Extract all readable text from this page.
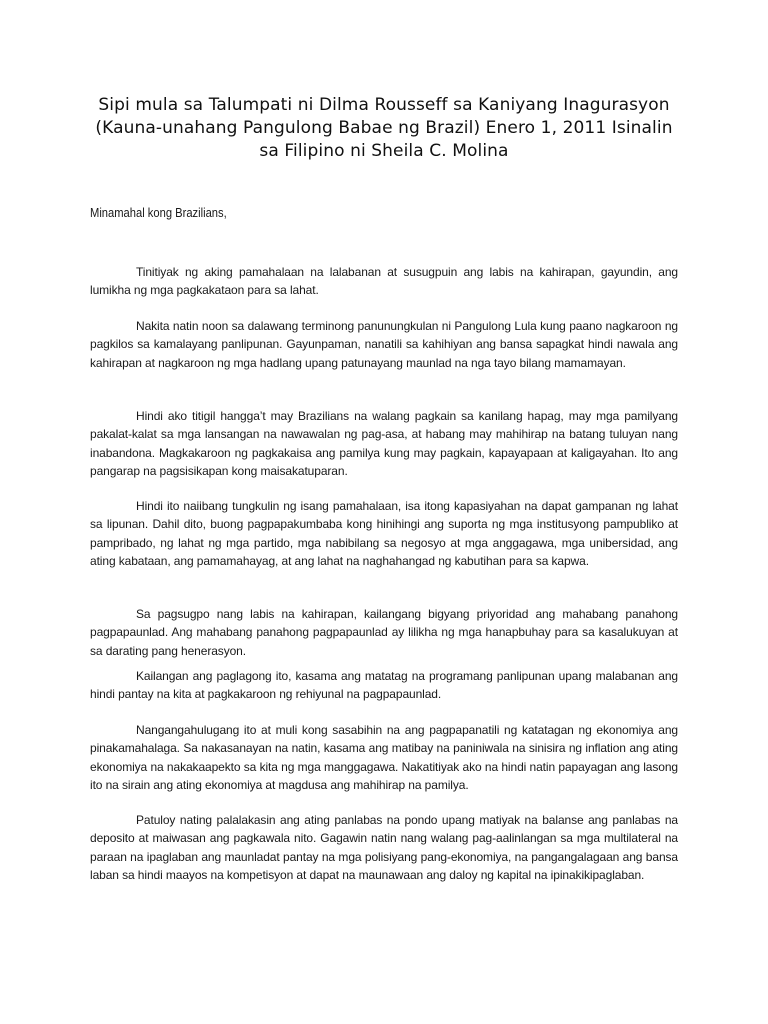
Sipi mula sa Talumpati ni Dilma Rousseff sa Kaniyang Inagurasyon
(Kauna-unahang Pangulong Babae ng Brazil) Enero 1, 2011 Isinalin
sa Filipino ni Sheila C. Molina
Minamahal kong Brazilians,

Tinitiyak ng aking pamahalaan na lalabanan at susugpuin ang labis na kahirapan, gayundin, ang lumikha ng mga pagkakataon para sa lahat.

Nakita natin noon sa dalawang terminong panunungkulan ni Pangulong Lula kung paano nagkaroon ng pagkilos sa kamalayang panlipunan. Gayunpaman, nanatili sa kahihiyan ang bansa sapagkat hindi nawala ang kahirapan at nagkaroon ng mga hadlang upang patunayang maunlad na nga tayo bilang mamamayan.

Hindi ako titigil hangga’t may Brazilians na walang pagkain sa kanilang hapag, may mga pamilyang pakalat-kalat sa mga lansangan na nawawalan ng pag-asa, at habang may mahihirap na batang tuluyan nang inabandona. Magkakaroon ng pagkakaisa ang pamilya kung may pagkain, kapayapaan at kaligayahan. Ito ang pangarap na pagsisikapan kong maisakatuparan.

Hindi ito naiibang tungkulin ng isang pamahalaan, isa itong kapasiyahan na dapat gampanan ng lahat sa lipunan. Dahil dito, buong pagpapakumbaba kong hinihingi ang suporta ng mga institusyong pampubliko at pampribado, ng lahat ng mga partido, mga nabibilang sa negosyo at mga anggagawa, mga unibersidad, ang ating kabataan, ang pamamahayag, at ang lahat na naghahangad ng kabutihan para sa kapwa.

Sa pagsugpo nang labis na kahirapan, kailangang bigyang priyoridad ang mahabang panahong pagpapaunlad. Ang mahabang panahong pagpapaunlad ay lilikha ng mga hanapbuhay para sa kasalukuyan at sa darating pang henerasyon.

Kailangan ang paglagong ito, kasama ang matatag na programang panlipunan upang malabanan ang hindi pantay na kita at pagkakaroon ng rehiyunal na pagpapaunlad.

Nangangahulugang ito at muli kong sasabihin na ang pagpapanatili ng katatagan ng ekonomiya ang pinakamahalaga. Sa nakasanayan na natin, kasama ang matibay na paniniwala na sinisira ng inflation ang ating ekonomiya na nakakaapekto sa kita ng mga manggagawa. Nakatitiyak ako na hindi natin papayagan ang lasong ito na sirain ang ating ekonomiya at magdusa ang mahihirap na pamilya.

Patuloy nating palalakasin ang ating panlabas na pondo upang matiyak na balanse ang panlabas na deposito at maiwasan ang pagkawala nito. Gagawin natin nang walang pag-aalinlangan sa mga multilateral na paraan na ipaglaban ang maunladat pantay na mga polisiyang pang-ekonomiya, na pangangalagaan ang bansa laban sa hindi maayos na kompetisyon at dapat na maunawaan ang daloy ng kapital na ipinakikipaglaban.
